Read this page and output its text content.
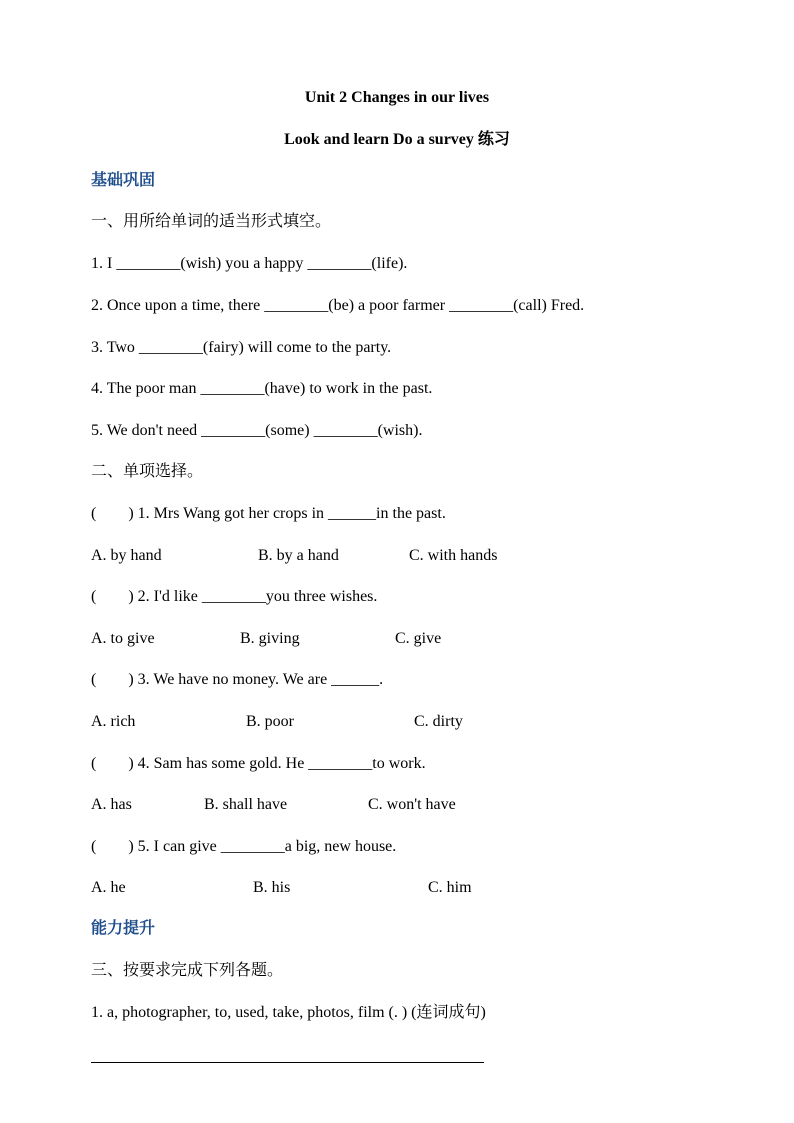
Unit 2 Changes in our lives
Look and learn Do a survey 练习
基础巩固
一、用所给单词的适当形式填空。
1. I ________(wish) you a happy ________(life).
2. Once upon a time, there ________(be) a poor farmer ________(call) Fred.
3. Two ________(fairy) will come to the party.
4. The poor man ________(have) to work in the past.
5. We don't need ________(some) ________(wish).
二、单项选择。
(　　) 1. Mrs Wang got her crops in ______in the past.
A. by hand	B. by a hand	C. with hands
(　　) 2. I'd like ________you three wishes.
A. to give	B. giving	C. give
(　　) 3. We have no money. We are ______.
A. rich	B. poor	C. dirty
(　　) 4. Sam has some gold. He ________to work.
A. has	B. shall have	C. won't have
(　　) 5. I can give ________a big, new house.
A. he	B. his	C. him
能力提升
三、按要求完成下列各题。
1. a, photographer, to, used, take, photos, film (. ) (连词成句)
